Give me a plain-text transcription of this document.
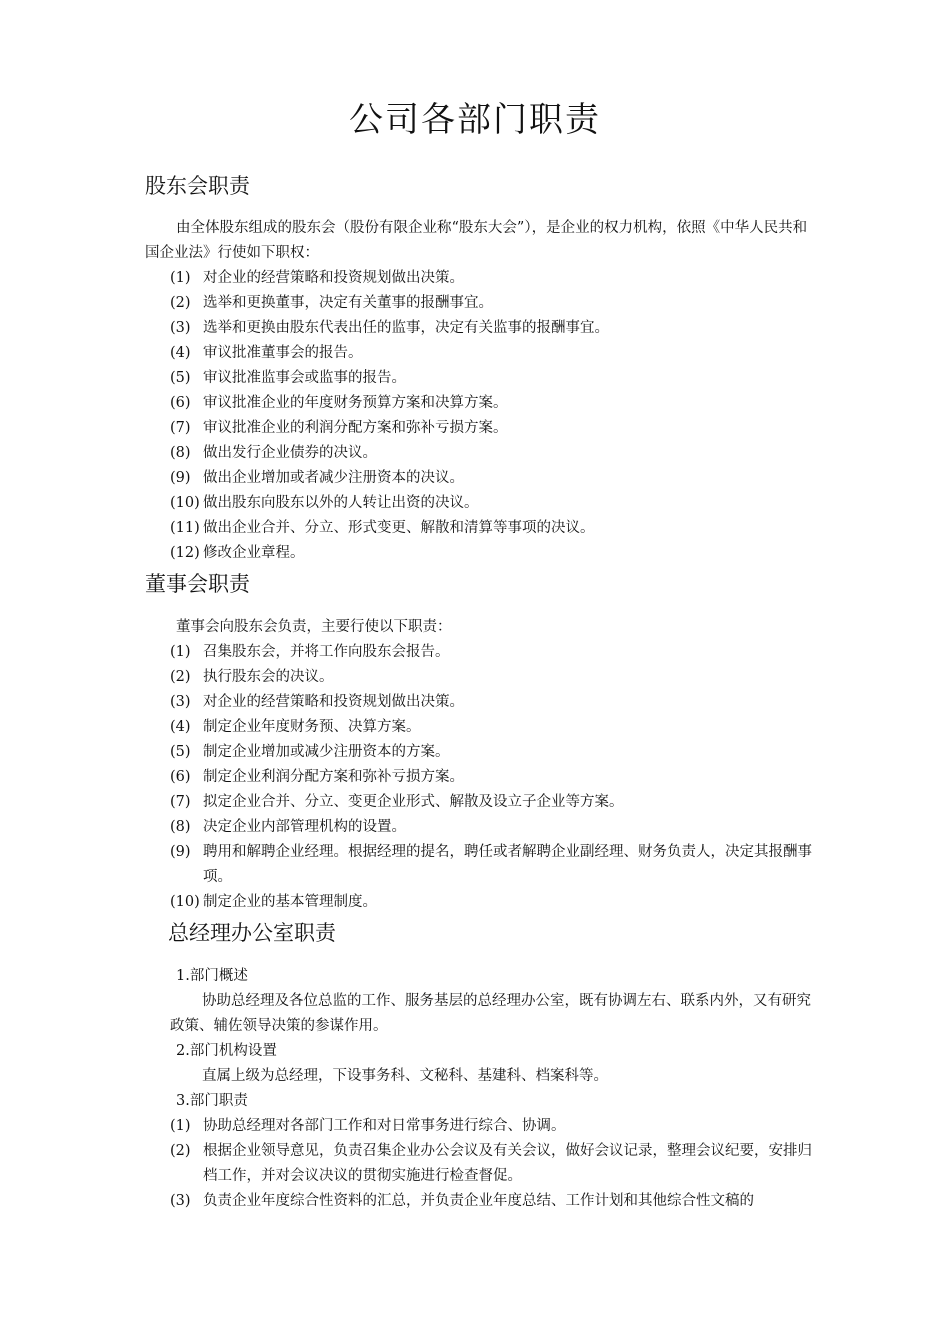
公司各部门职责
股东会职责
由全体股东组成的股东会（股份有限企业称“股东大会”），是企业的权力机构，依照《中华人民共和国企业法》行使如下职权：
(1) 对企业的经营策略和投资规划做出决策。
(2) 选举和更换董事，决定有关董事的报酬事宜。
(3) 选举和更换由股东代表出任的监事，决定有关监事的报酬事宜。
(4) 审议批准董事会的报告。
(5) 审议批准监事会或监事的报告。
(6) 审议批准企业的年度财务预算方案和决算方案。
(7) 审议批准企业的利润分配方案和弥补亏损方案。
(8) 做出发行企业债券的决议。
(9) 做出企业增加或者减少注册资本的决议。
(10) 做出股东向股东以外的人转让出资的决议。
(11) 做出企业合并、分立、形式变更、解散和清算等事项的决议。
(12) 修改企业章程。
董事会职责
董事会向股东会负责，主要行使以下职责：
(1) 召集股东会，并将工作向股东会报告。
(2) 执行股东会的决议。
(3) 对企业的经营策略和投资规划做出决策。
(4) 制定企业年度财务预、决算方案。
(5) 制定企业增加或减少注册资本的方案。
(6) 制定企业利润分配方案和弥补亏损方案。
(7) 拟定企业合并、分立、变更企业形式、解散及设立子企业等方案。
(8) 决定企业内部管理机构的设置。
(9) 聘用和解聘企业经理。根据经理的提名，聘任或者解聘企业副经理、财务负责人，决定其报酬事项。
(10) 制定企业的基本管理制度。
总经理办公室职责
1.部门概述
协助总经理及各位总监的工作、服务基层的总经理办公室，既有协调左右、联系内外，又有研究政策、辅佐领导决策的参谋作用。
2.部门机构设置
直属上级为总经理，下设事务科、文秘科、基建科、档案科等。
3.部门职责
(1) 协助总经理对各部门工作和对日常事务进行综合、协调。
(2) 根据企业领导意见，负责召集企业办公会议及有关会议，做好会议记录，整理会议纪要，安排归档工作，并对会议决议的贯彻实施进行检查督促。
(3) 负责企业年度综合性资料的汇总，并负责企业年度总结、工作计划和其他综合性文稿的
